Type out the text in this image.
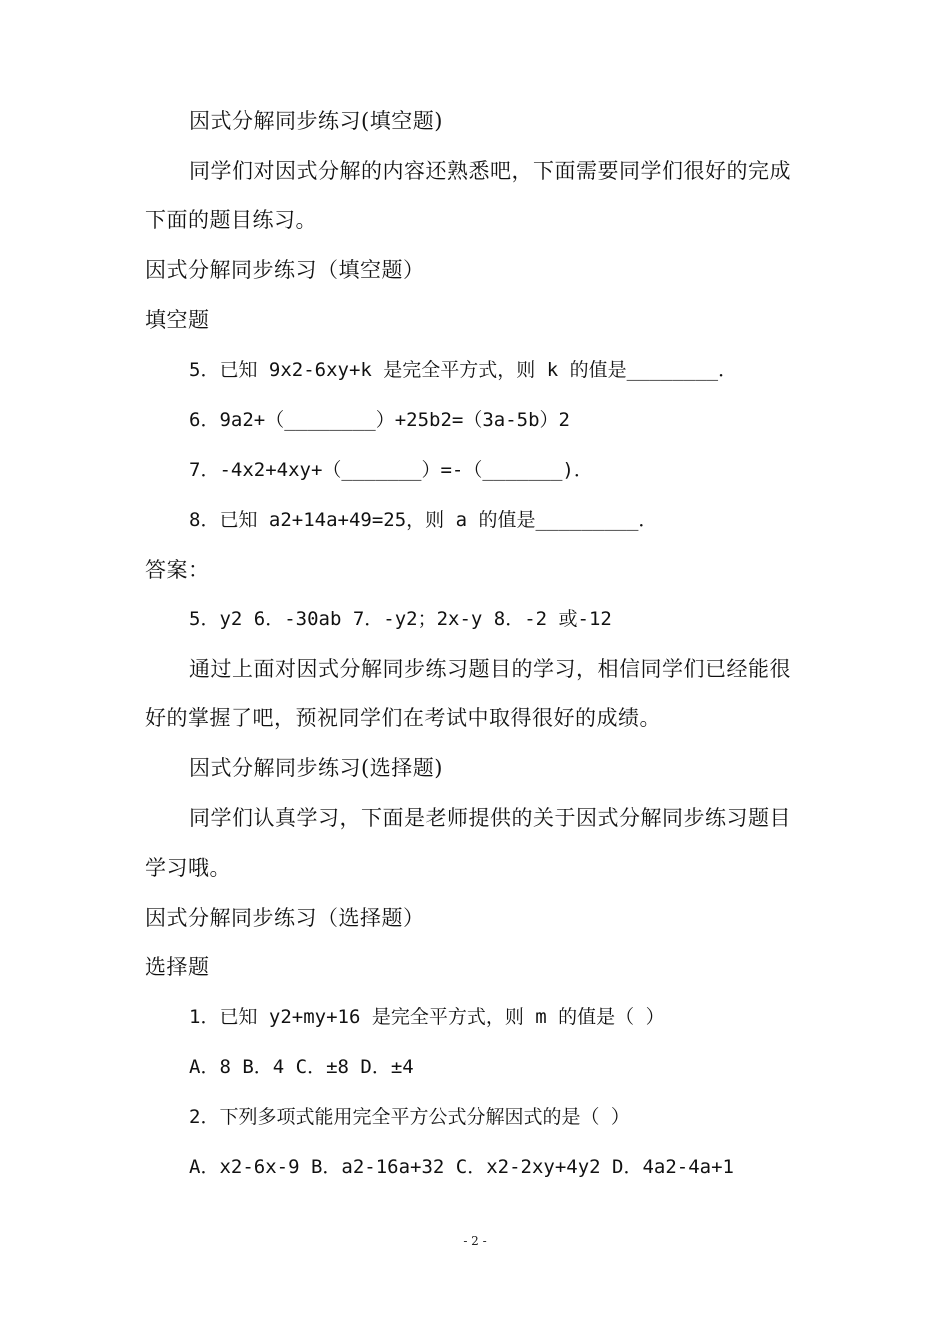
因式分解同步练习(填空题)
同学们对因式分解的内容还熟悉吧，下面需要同学们很好的完成
下面的题目练习。
因式分解同步练习（填空题）
填空题
5．已知 9x2-6xy+k 是完全平方式，则 k 的值是________．
6．9a2+（________）+25b2=（3a-5b）2
7．-4x2+4xy+（_______）=-（_______)．
8．已知 a2+14a+49=25，则 a 的值是_________．
答案：
5．y2 6．-30ab 7．-y2；2x-y 8．-2 或-12
通过上面对因式分解同步练习题目的学习，相信同学们已经能很
好的掌握了吧，预祝同学们在考试中取得很好的成绩。
因式分解同步练习(选择题)
同学们认真学习，下面是老师提供的关于因式分解同步练习题目
学习哦。
因式分解同步练习（选择题）
选择题
1．已知 y2+my+16 是完全平方式，则 m 的值是（ ）
A．8 B．4 C．±8 D．±4
2．下列多项式能用完全平方公式分解因式的是（ ）
A．x2-6x-9 B．a2-16a+32 C．x2-2xy+4y2 D．4a2-4a+1
- 2 -
